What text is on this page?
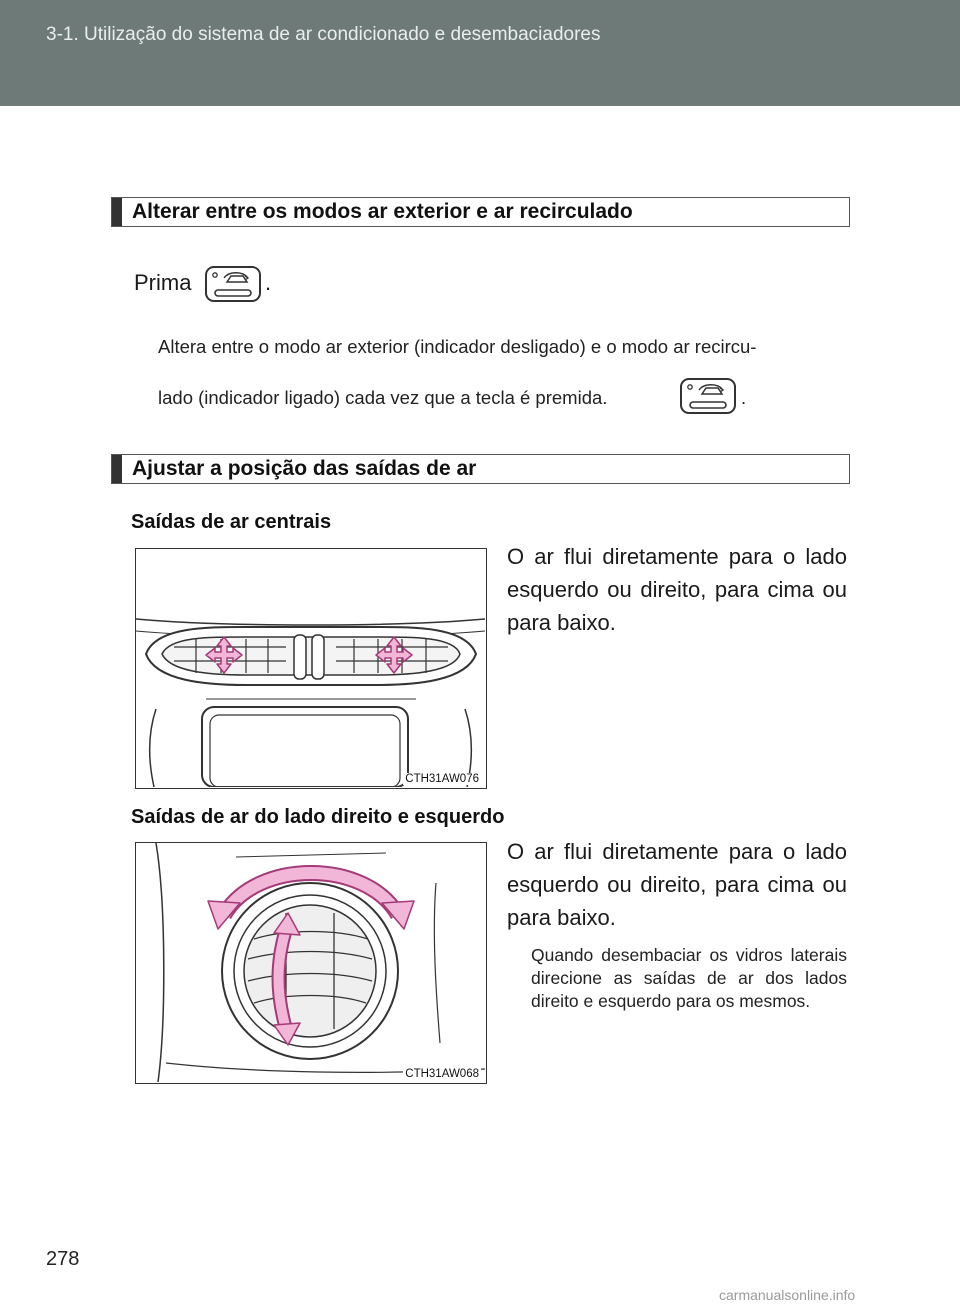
3-1. Utilização do sistema de ar condicionado e desembaciadores
Alterar entre os modos ar exterior e ar recirculado
Prima	.
Altera entre o modo ar exterior (indicador desligado) e o modo ar recircu-
lado (indicador ligado) cada vez que a tecla é premida.	.
Ajustar a posição das saídas de ar
Saídas de ar centrais
CTH31AW076
O ar flui diretamente para o lado esquerdo ou direito, para cima ou para baixo.
Saídas de ar do lado direito e esquerdo
CTH31AW068
O ar flui diretamente para o lado esquerdo ou direito, para cima ou para baixo.
Quando desembaciar os vidros laterais direcione as saídas de ar dos lados direito e esquerdo para os mesmos.
278
carmanualsonline.info
